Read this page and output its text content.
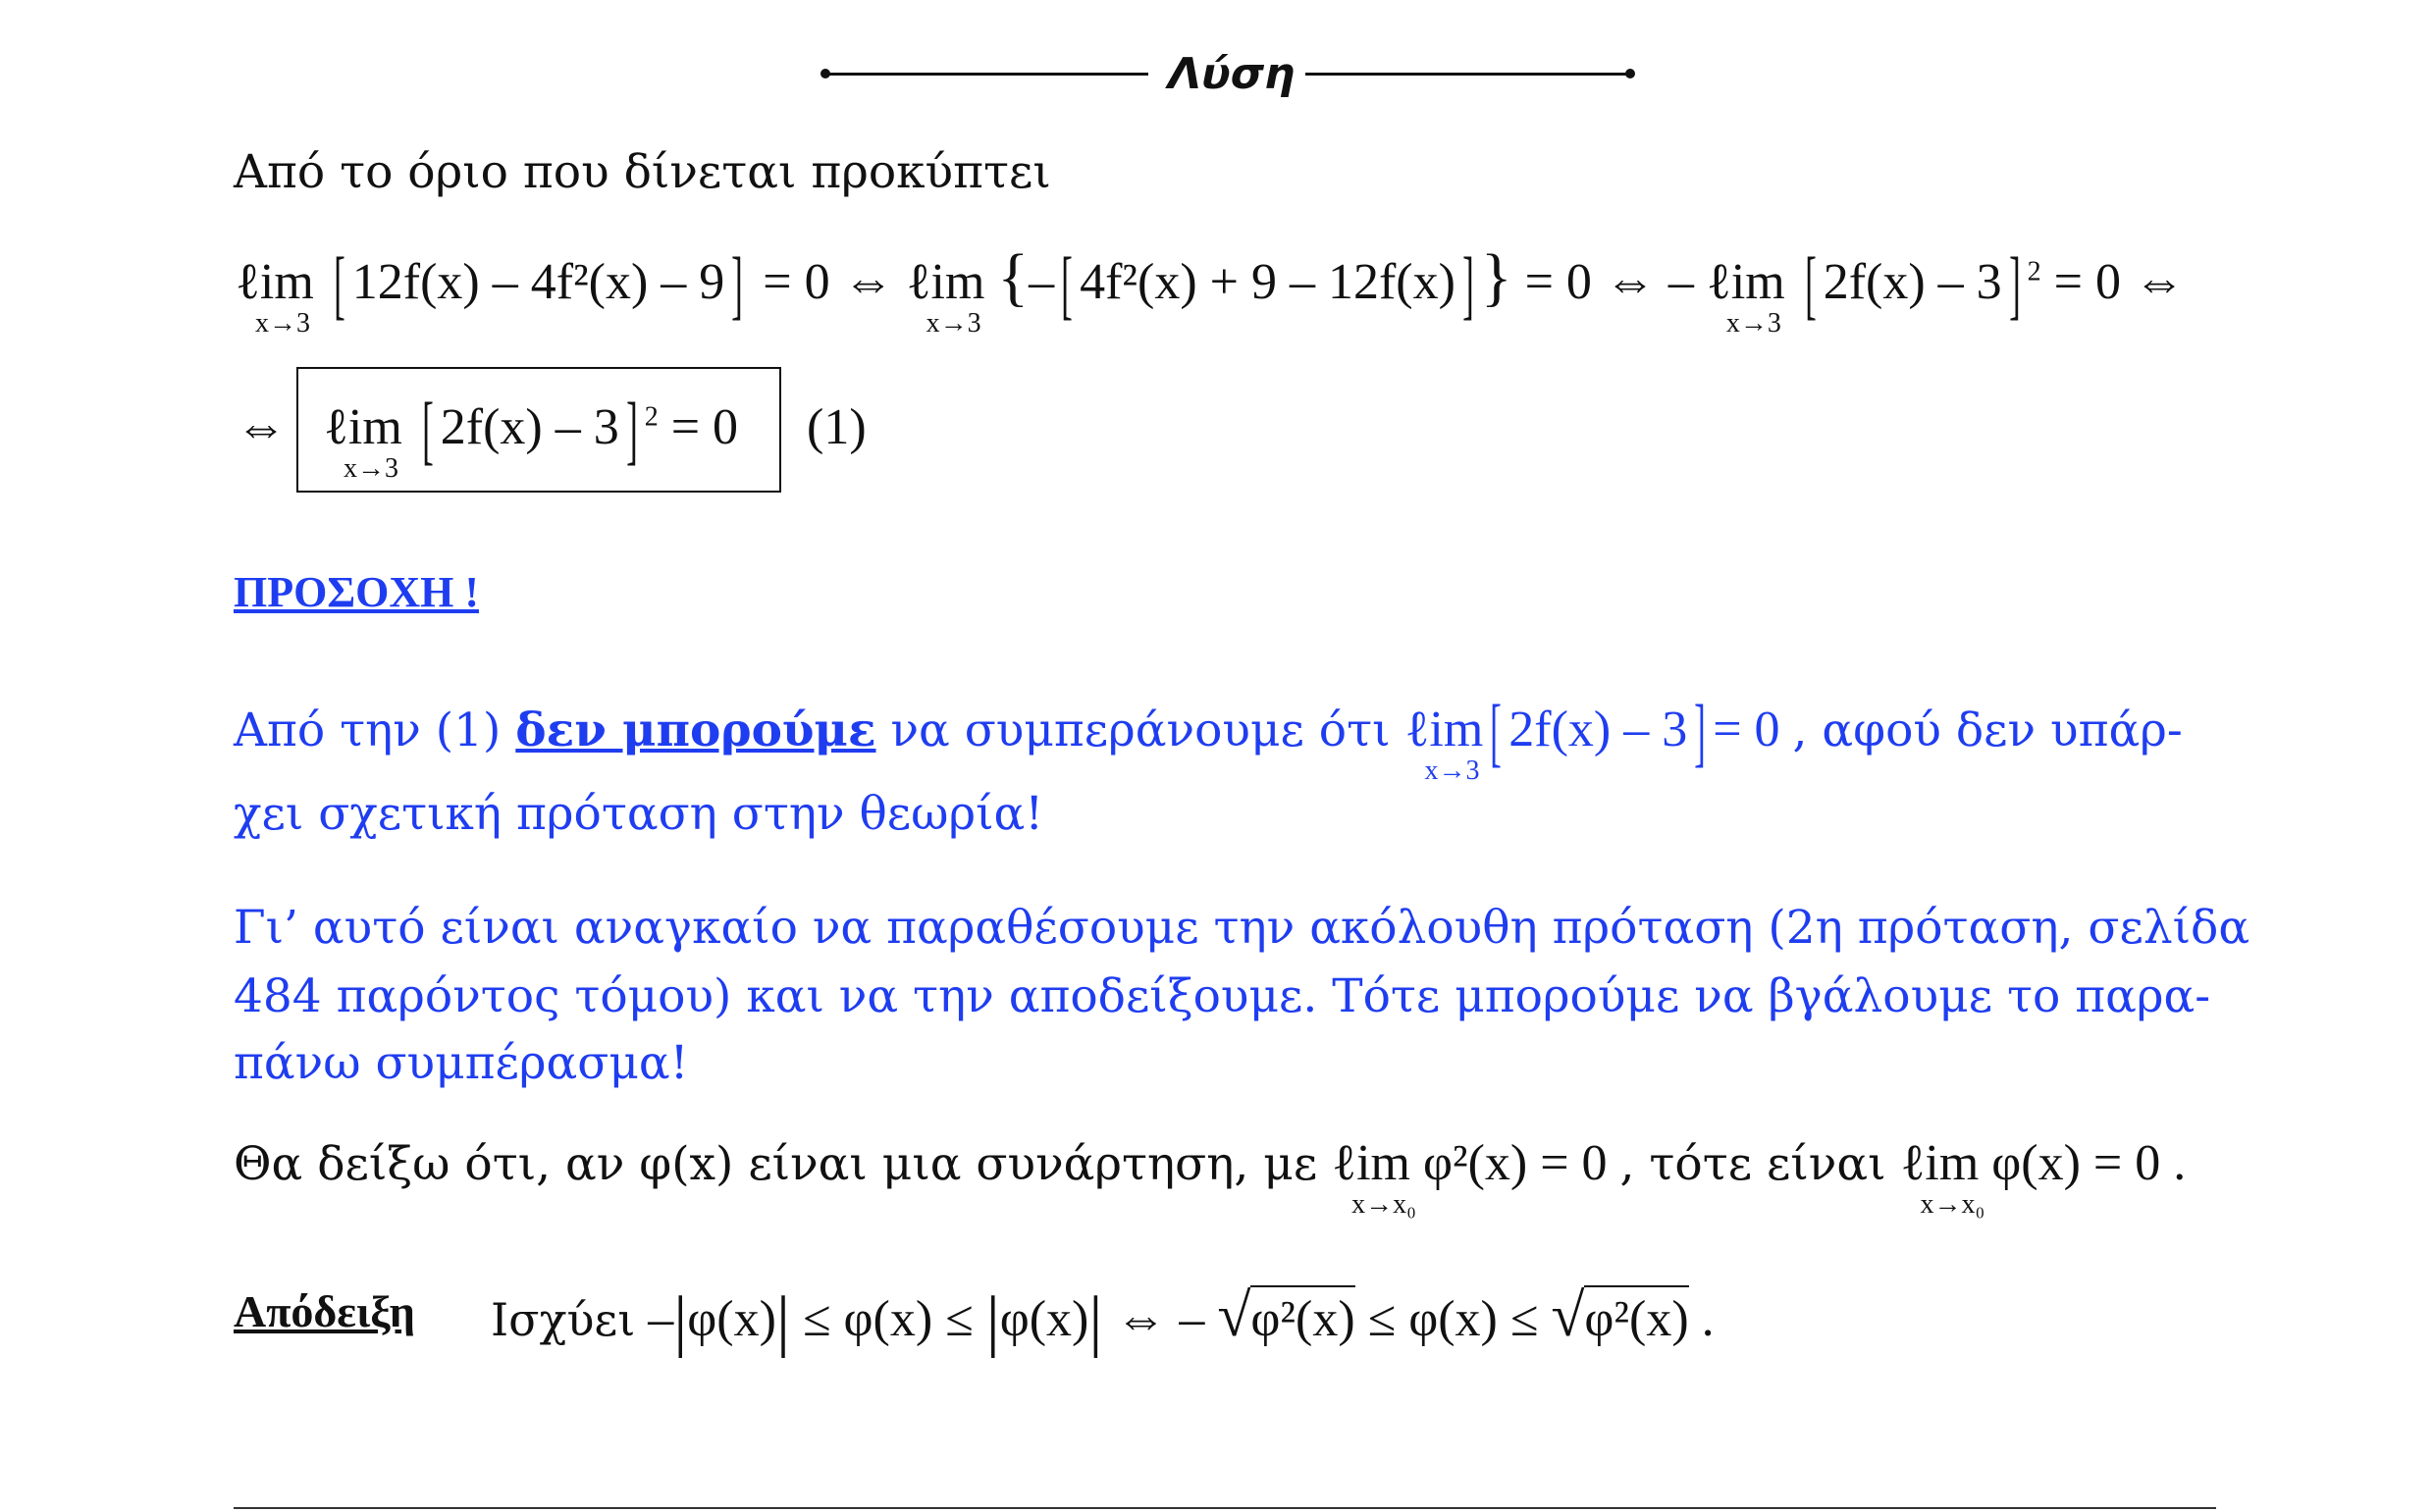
Λύση
Από το όριο που δίνεται προκύπτει
ℓim
x→3 [ 12f(x) – 4f²(x) – 9] = 0 ⇔ ℓim
x→3
{–[ 4f²(x) + 9 – 12f(x)] } = 0 ⇔ – ℓim
x→3 [ 2f(x) – 3] $^2$ = 0 ⇔
⇔ ℓim
x→3 [ 2f(x) – 3] $^2$ = 0 (1)
ΠΡΟΣΟΧΗ !
Από την (1) δεν μπορούμε να συμπεράνουμε ότι ℓim
x→3 [ 2f(x) – 3] = 0 , αφού δεν υπάρ-
χει σχετική πρόταση στην θεωρία!
Γι’ αυτό είναι αναγκαίο να παραθέσουμε την ακόλουθη πρόταση (2η πρόταση, σελίδα
484 παρόντος τόμου) και να την αποδείξουμε. Τότε μπορούμε να βγάλουμε το παρα-
πάνω συμπέρασμα!
Θα δείξω ότι, αν φ(x) είναι μια συνάρτηση, με ℓim
x→x₀
φ²(x) = 0 , τότε είναι ℓim
x→x₀
φ(x) = 0 .
Απόδειξη Ισχύει –|φ(x)| ≤ φ(x) ≤ |φ(x)| ⇔ – √φ²(x) ≤ φ(x) ≤ √φ²(x) .
